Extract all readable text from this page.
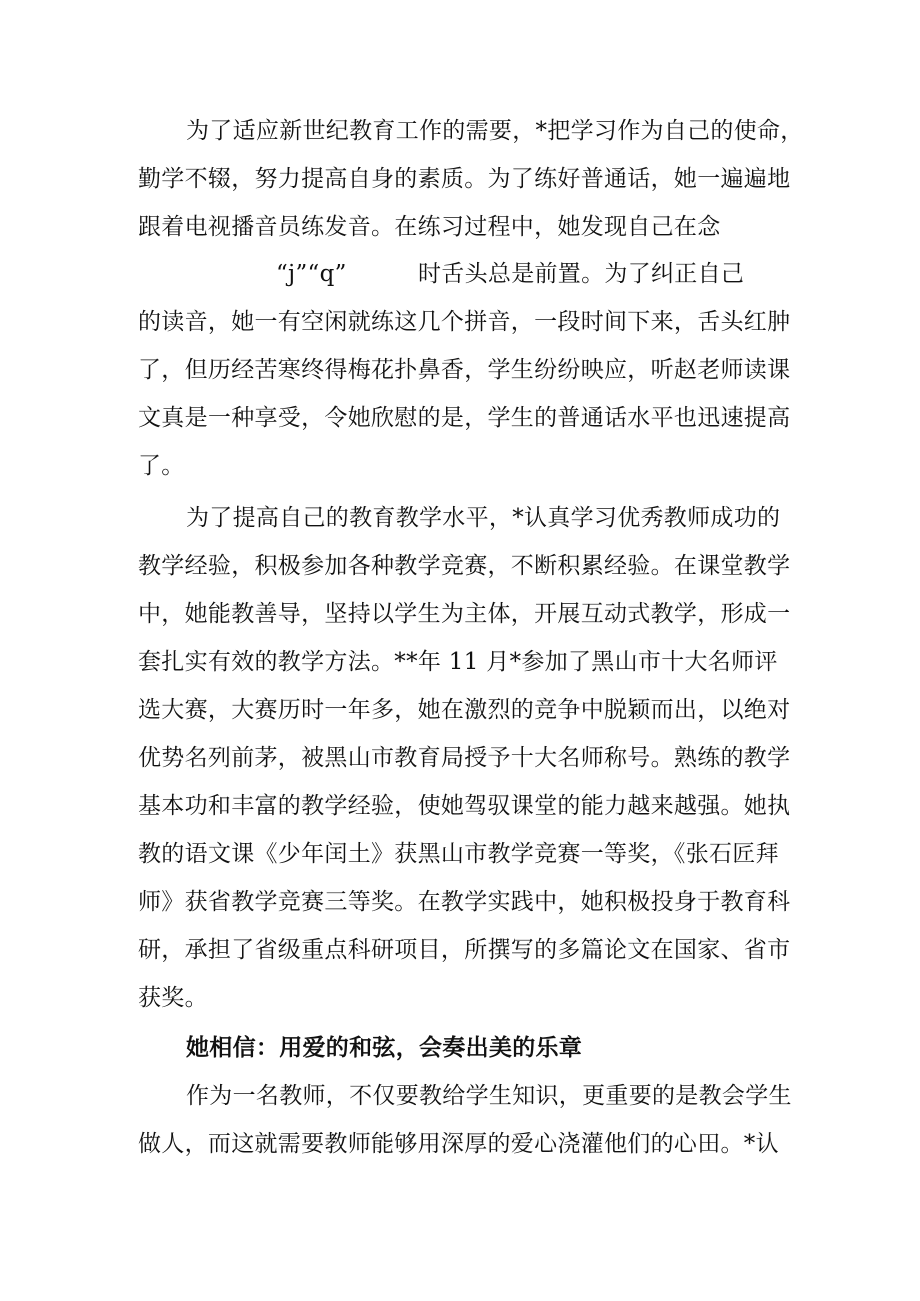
为了适应新世纪教育工作的需要，*把学习作为自己的使命，
勤学不辍，努力提高自身的素质。为了练好普通话，她一遍遍地
跟着电视播音员练发音。在练习过程中，她发现自己在念
“j”“q”	时舌头总是前置。为了纠正自己
的读音，她一有空闲就练这几个拼音，一段时间下来，舌头红肿
了，但历经苦寒终得梅花扑鼻香，学生纷纷映应，听赵老师读课
文真是一种享受，令她欣慰的是，学生的普通话水平也迅速提高
了。
为了提高自己的教育教学水平，*认真学习优秀教师成功的
教学经验，积极参加各种教学竞赛，不断积累经验。在课堂教学
中，她能教善导，坚持以学生为主体，开展互动式教学，形成一
套扎实有效的教学方法。**年 11 月*参加了黑山市十大名师评
选大赛，大赛历时一年多，她在激烈的竞争中脱颖而出，以绝对
优势名列前茅，被黑山市教育局授予十大名师称号。熟练的教学
基本功和丰富的教学经验，使她驾驭课堂的能力越来越强。她执
教的语文课《少年闰土》获黑山市教学竞赛一等奖，《张石匠拜
师》获省教学竞赛三等奖。在教学实践中，她积极投身于教育科
研，承担了省级重点科研项目，所撰写的多篇论文在国家、省市
获奖。
她相信：用爱的和弦，会奏出美的乐章
作为一名教师，不仅要教给学生知识，更重要的是教会学生
做人，而这就需要教师能够用深厚的爱心浇灌他们的心田。*认
